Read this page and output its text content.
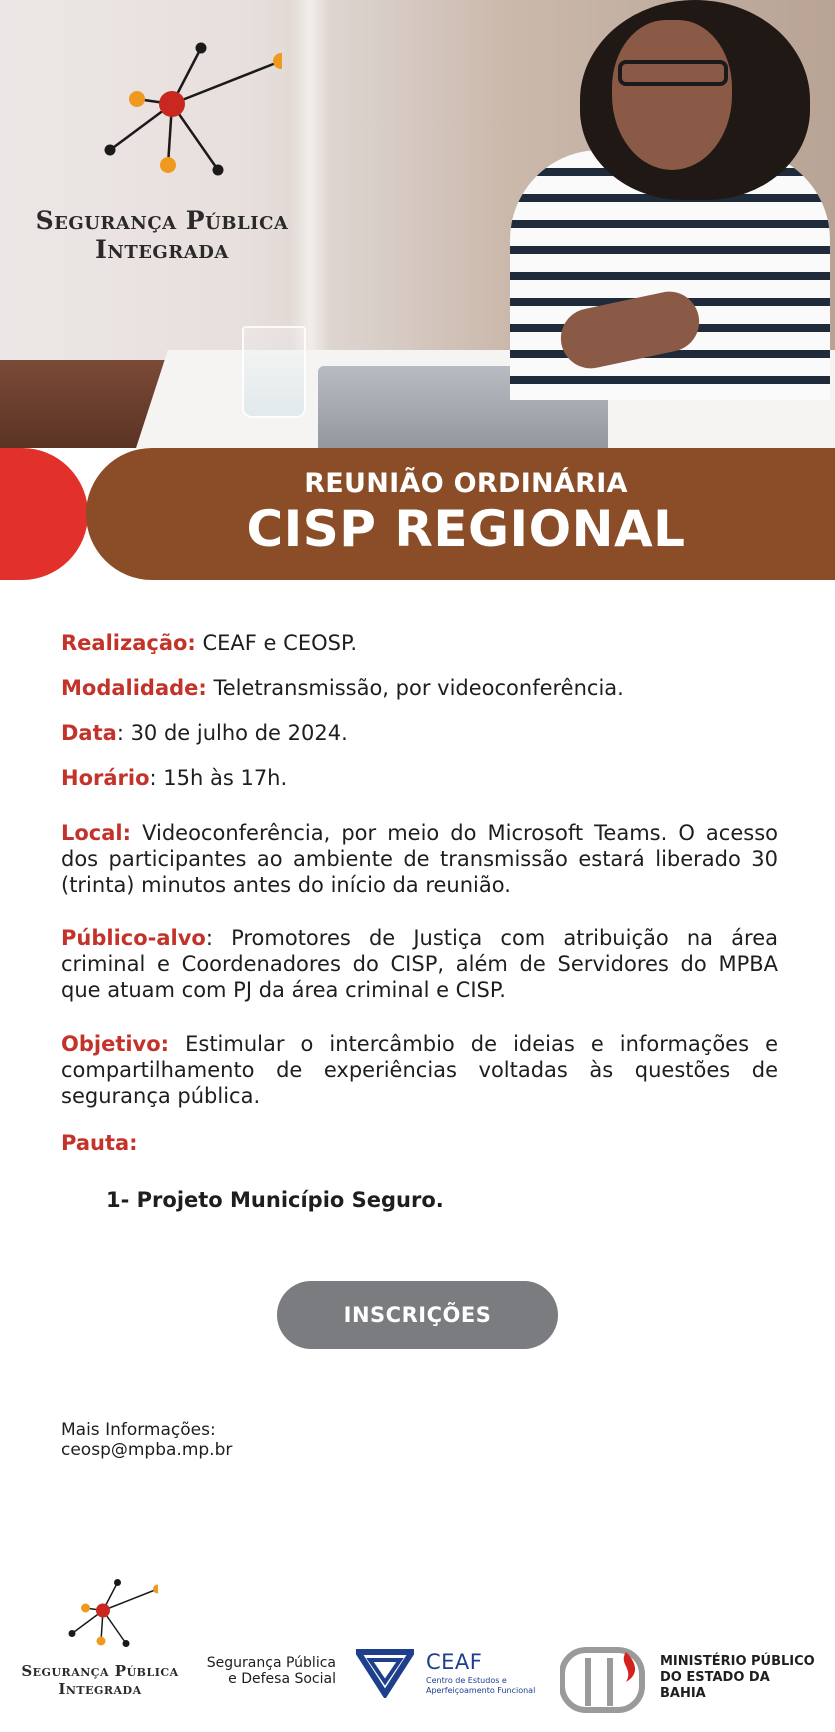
Segurança Pública
Integrada
REUNIÃO ORDINÁRIA
CISP REGIONAL

Realização: CEAF e CEOSP.

Modalidade: Teletransmissão, por videoconferência.

Data: 30 de julho de 2024.

Horário: 15h às 17h.

Local: Videoconferência, por meio do Microsoft Teams. O acesso dos participantes ao ambiente de transmissão estará liberado 30 (trinta) minutos antes do início da reunião.

Público-alvo: Promotores de Justiça com atribuição na área criminal e Coordenadores do CISP, além de Servidores do MPBA que atuam com PJ da área criminal e CISP.

Objetivo: Estimular o intercâmbio de ideias e informações e compartilhamento de experiências voltadas às questões de segurança pública.

Pauta:

1- Projeto Município Seguro.
INSCRIÇÕES
Mais Informações:
ceosp@mpba.mp.br
Segurança Pública
Integrada
Segurança Pública
e Defesa Social
CEAF
Centro de Estudos e
Aperfeiçoamento Funcional
MINISTÉRIO PÚBLICO
DO ESTADO DA BAHIA
